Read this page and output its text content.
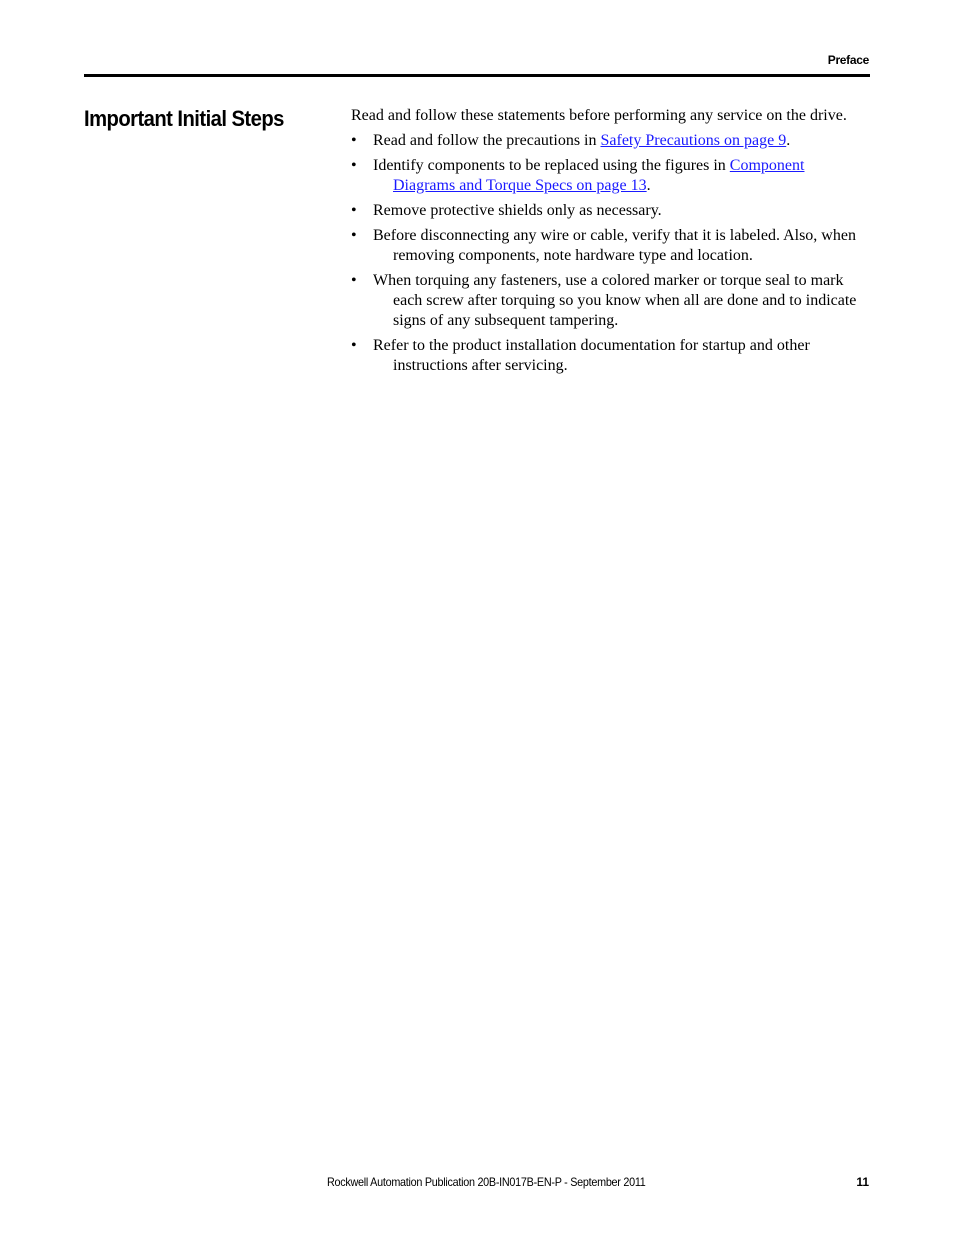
Preface
Important Initial Steps	Read and follow these statements before performing any service on the drive.

• Read and follow the precautions in Safety Precautions on page 9.
• Identify components to be replaced using the figures in Component Diagrams and Torque Specs on page 13.
• Remove protective shields only as necessary.
• Before disconnecting any wire or cable, verify that it is labeled. Also, when removing components, note hardware type and location.
• When torquing any fasteners, use a colored marker or torque seal to mark each screw after torquing so you know when all are done and to indicate signs of any subsequent tampering.
• Refer to the product installation documentation for startup and other instructions after servicing.
Rockwell Automation Publication 20B-IN017B-EN-P - September 2011	11
